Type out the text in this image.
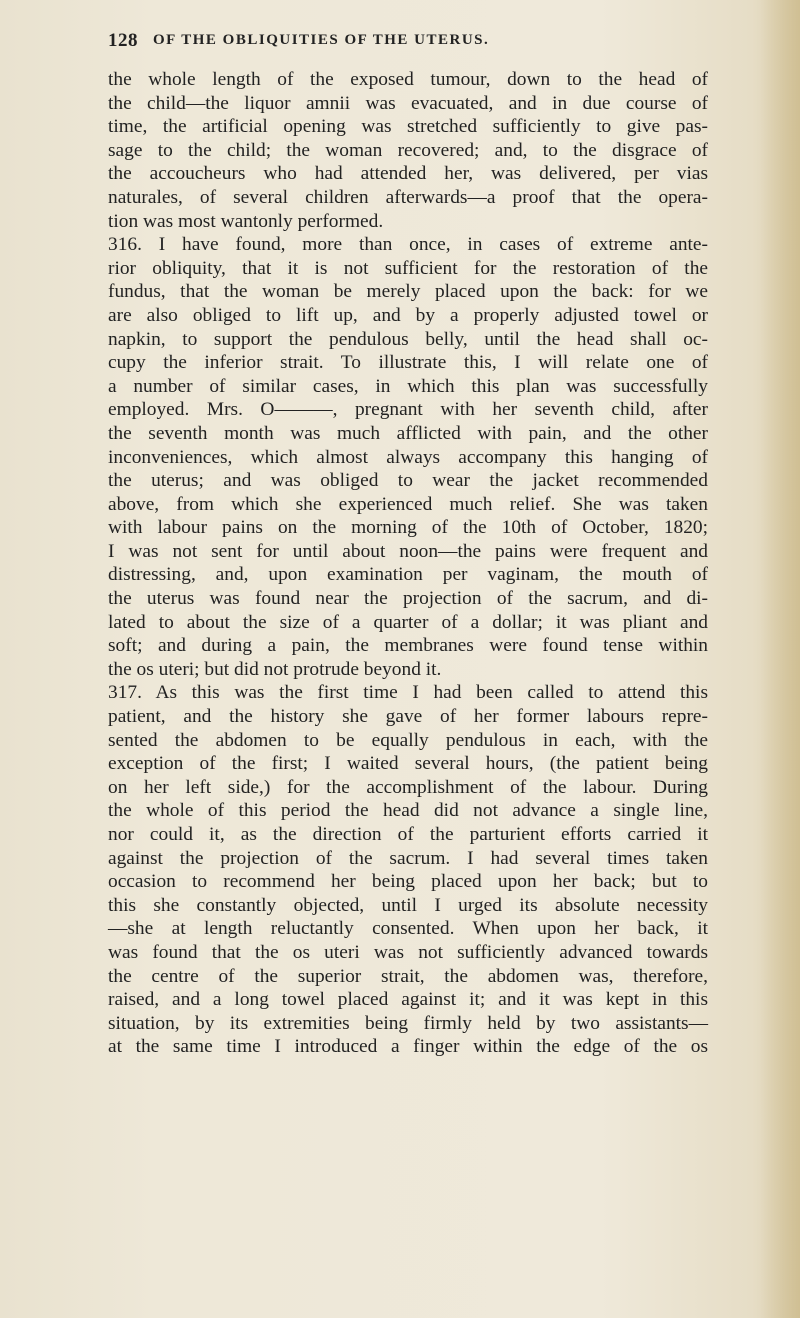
128 OF THE OBLIQUITIES OF THE UTERUS.
the whole length of the exposed tumour, down to the head of
the child—the liquor amnii was evacuated, and in due course of
time, the artificial opening was stretched sufficiently to give pas-
sage to the child; the woman recovered; and, to the disgrace of
the accoucheurs who had attended her, was delivered, per vias
naturales, of several children afterwards—a proof that the opera-
tion was most wantonly performed.
316. I have found, more than once, in cases of extreme ante-
rior obliquity, that it is not sufficient for the restoration of the
fundus, that the woman be merely placed upon the back: for we
are also obliged to lift up, and by a properly adjusted towel or
napkin, to support the pendulous belly, until the head shall oc-
cupy the inferior strait. To illustrate this, I will relate one of
a number of similar cases, in which this plan was successfully
employed. Mrs. O———, pregnant with her seventh child, after
the seventh month was much afflicted with pain, and the other
inconveniences, which almost always accompany this hanging of
the uterus; and was obliged to wear the jacket recommended
above, from which she experienced much relief. She was taken
with labour pains on the morning of the 10th of October, 1820;
I was not sent for until about noon—the pains were frequent and
distressing, and, upon examination per vaginam, the mouth of
the uterus was found near the projection of the sacrum, and di-
lated to about the size of a quarter of a dollar; it was pliant and
soft; and during a pain, the membranes were found tense within
the os uteri; but did not protrude beyond it.
317. As this was the first time I had been called to attend this
patient, and the history she gave of her former labours repre-
sented the abdomen to be equally pendulous in each, with the
exception of the first; I waited several hours, (the patient being
on her left side,) for the accomplishment of the labour. During
the whole of this period the head did not advance a single line,
nor could it, as the direction of the parturient efforts carried it
against the projection of the sacrum. I had several times taken
occasion to recommend her being placed upon her back; but to
this she constantly objected, until I urged its absolute necessity
—she at length reluctantly consented. When upon her back, it
was found that the os uteri was not sufficiently advanced towards
the centre of the superior strait, the abdomen was, therefore,
raised, and a long towel placed against it; and it was kept in this
situation, by its extremities being firmly held by two assistants—
at the same time I introduced a finger within the edge of the os
